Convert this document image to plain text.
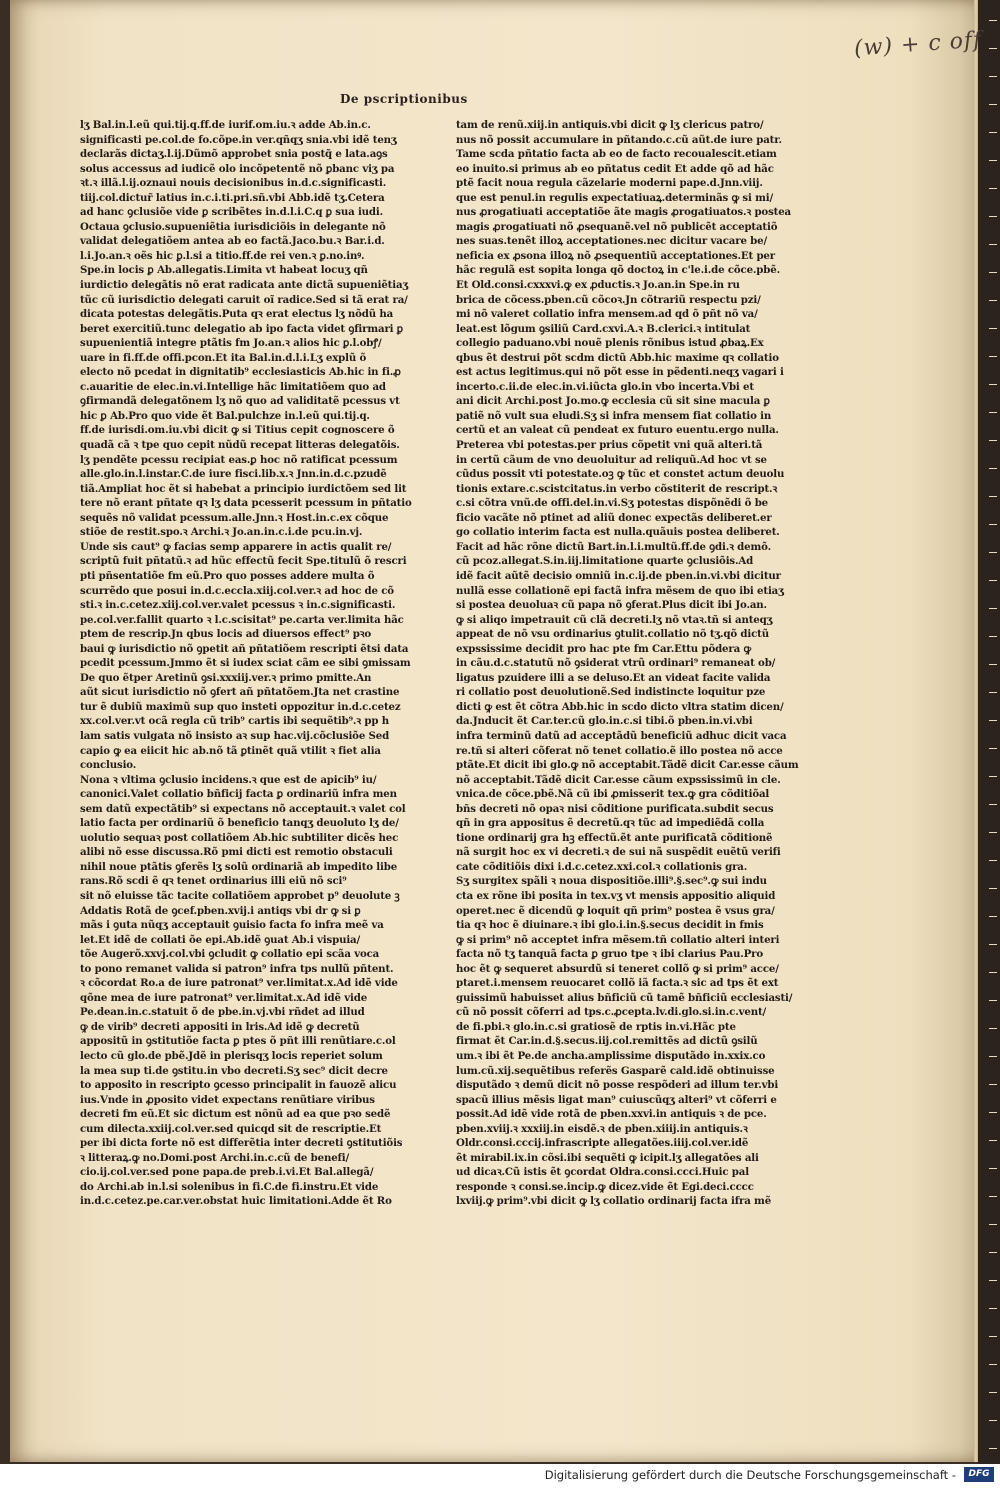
(w) + c off
De pscriptionibus
lʒ Bal.in.l.eũ qui.tij.q.ff.de iurif.om.iu.ꝛ adde Ab.in.c.
significasti pe.col.de fo.cõpe.in ver.qñqʒ snia.vbi idẽ tenʒ
declarãs dictaʒ.l.ij.Dũmõ approbet snia postq̃ e lata.aꝯs
solus accessus ad iudicẽ olo incõpetentẽ nõ ꝑbanc viʒ pa
ꝛt.ꝛ illã.l.ij.oznaui nouis decisionibus in.d.c.significasti.
tiij.col.dictur̃ latius in.c.i.ti.pri.sñ.vbi Abb.idẽ tʒ.Cetera
ad hanc ꝯclusiõe vide ꝑ scribẽtes in.d.l.i.C.q ꝑ sua iudi.
Octaua ꝯclusio.supueniẽtia iurisdiciõis in delegante nõ
validat delegatiõem antea ab eo factã.Jaco.bu.ꝛ Bar.i.d.
l.i.Jo.an.ꝛ oẽs hic ꝑ.l.si a titio.ff.de rei ven.ꝛ ꝑ.no.inꝰ.
Spe.in locis ꝑ Ab.allegatis.Limita vt habeat locuʒ qñ
iurdictio delegãtis nõ erat radicata ante dictã supueniẽtiaʒ
tũc cũ iurisdictio delegati caruit oĩ radice.Sed si tã erat ra/
dicata potestas delegãtis.Puta qꝛ erat electus lʒ nõdũ ha
beret exercitiũ.tunc delegatio ab ipo facta videt ꝯfirmari ꝑ
supuenientiã integre ptãtis fm Jo.an.ꝛ alios hic ꝑ.l.obꝭ/
uare in fi.ff.de offi.pcon.Et ita Bal.in.d.l.i.Lʒ explũ õ
electo nõ pcedat in dignitatib⁹ ecclesiasticis Ab.hic in fi.ꝓ
c.auaritie de elec.in.vi.Intellige hãc limitatiõem quo ad
ꝯfirmandã delegatõnem lʒ nõ quo ad validitatẽ pcessus vt
hic ꝑ Ab.Pro quo vide ẽt Bal.pulchze in.l.eũ qui.tij.q.
ff.de iurisdi.om.iu.vbi dicit ꝙ si Titius cepit cognoscere õ
quadã cã ꝛ tpe quo cepit nũdũ recepat litteras delegatõis.
lʒ pendẽte pcessu recipiat eas.ꝑ hoc nõ ratificat pcessum
alle.glo.in.l.instar.C.de iure fisci.lib.x.ꝛ Jnn.in.d.c.pzudẽ
tiã.Ampliat hoc ẽt si habebat a principio iurdictõem sed lit
tere nõ erant pñtate qꝛ lʒ data pcesserit pcessum in pñtatio
sequẽs nõ validat pcessum.alle.Jnn.ꝛ Host.in.c.ex cõque
stiõe de restit.spo.ꝛ Archi.ꝛ Jo.an.in.c.i.de pcu.in.vj.
Unde sis caut⁹ ꝙ facias semp apparere in actis qualit re/
scriptũ fuit pñtatũ.ꝛ ad hũc effectũ fecit Spe.titulũ õ rescri
pti pñsentatiõe fm eũ.Pro quo posses addere multa õ
scurrẽdo que posui in.d.c.eccla.xiij.col.ver.ꝛ ad hoc de cõ
sti.ꝛ in.c.cetez.xiij.col.ver.valet pcessus ꝛ in.c.significasti.
pe.col.ver.fallit quarto ꝛ l.c.scisitat⁹ pe.carta ver.limita hãc
ptem de rescrip.Jn qbus locis ad diuersos effect⁹ pꝛo
baui ꝙ iurisdictio nõ ꝯpetit añ pñtatiõem rescripti ẽtsi data
pcedit pcessum.Jmmo ẽt si iudex sciat cãm ee sibi ꝯmissam
De quo ẽtper Aretinũ ꝯsi.xxxiij.ver.ꝛ primo pmitte.An
aũt sicut iurisdictio nõ ꝯfert añ pñtatõem.Jta net crastine
tur ẽ dubiũ maximũ sup quo insteti oppozitur in.d.c.cetez
xx.col.ver.vt ocã regla cũ trib⁹ cartis ibi sequẽtib⁹.ꝛ pp h
lam satis vulgata nõ insisto aꝛ sup hac.vij.cõclusiõe Sed
capio ꝙ ea eiicit hic ab.nõ tã ꝑtinẽt quã vtilit ꝛ fiet alia
conclusio.
Nona ꝛ vltima ꝯclusio incidens.ꝛ que est de apicib⁹ iu/
canonici.Valet collatio bñficij facta ꝑ ordinariũ infra men
sem datũ expectãtib⁹ si expectans nõ acceptauit.ꝛ valet col
latio facta per ordinariũ õ beneficio tanqʒ deuoluto lʒ de/
uolutio sequaꝛ post collatiõem Ab.hic subtiliter dicẽs hec
alibi nõ esse discussa.Rõ pmi dicti est remotio obstaculi
nihil noue ptãtis ꝯferẽs lʒ solũ ordinariã ab impedito libe
rans.Rõ scdi ẽ qꝛ tenet ordinarius illi eiũ nõ sci⁹
sit nõ eluisse tãc tacite collatiõem approbet p⁹ deuolute ꝫ
Addatis Rotã de ꝯcef.pben.xvij.i antiqs vbi dr ꝙ si ꝑ
mãs i ꝯuta nũqʒ acceptauit ꝯuisio facta fo infra meẽ va
let.Et idẽ de collati õe epi.Ab.idẽ ꝯuat Ab.i vispuia/
tõe Augerõ.xxvj.col.vbi ꝯcludit ꝙ collatio epi scãa voca
to pono remanet valida si patron⁹ infra tps nullũ pñtent.
ꝛ cõcordat Ro.a de iure patronat⁹ ver.limitat.x.Ad idẽ vide
qõne mea de iure patronat⁹ ver.limitat.x.Ad idẽ vide
Pe.dean.in.c.statuit õ de pbe.in.vj.vbi rñdet ad illud
ꝙ de virib⁹ decreti appositi in lris.Ad idẽ ꝙ decretũ
appositũ in ꝯstitutiõe facta ꝑ ptes õ pñt illi renũtiare.c.ol
lecto cũ glo.de pbẽ.Jdẽ in plerisqʒ locis reperiet solum
la mea sup ti.de ꝯstitu.in vbo decreti.Sʒ sec⁹ dicit decre
to apposito in rescripto ꝯcesso principalit in fauozẽ alicu
ius.Vnde in ꝓposito videt expectans renũtiare viribus
decreti fm eũ.Et sic dictum est nõnũ ad ea que pꝛo sedẽ
cum dilecta.xxiij.col.ver.sed quicqd sit de rescriptie.Et
per ibi dicta forte nõ est differẽtia inter decreti ꝯstitutiõis
ꝛ litteraꝝ.ꝙ no.Domi.post Archi.in.c.cũ de benefi/
cio.ij.col.ver.sed pone papa.de preb.i.vi.Et Bal.allegã/
do Archi.ab in.l.si solenibus in fi.C.de fi.instru.Et vide
in.d.c.cetez.pe.car.ver.obstat huic limitationi.Adde ẽt Ro
tam de renũ.xiij.in antiquis.vbi dicit ꝙ lʒ clericus patro/
nus nõ possit accumulare in pñtando.c.cũ aũt.de iure patr.
Tame scda pñtatio facta ab eo de facto recoualescit.etiam
eo inuito.si primus ab eo pñtatus cedit Et adde qõ ad hãc
ptẽ facit noua regula cãzelarie moderni pape.d.Jnn.viij.
que est penul.in regulis expectatiuaꝝ.determinãs ꝙ si mi/
nus ꝓrogatiuati acceptatiõe ãte magis ꝓrogatiuatos.ꝛ postea
magis ꝓrogatiuati nõ ꝓsequanẽ.vel nõ publicẽt acceptatiõ
nes suas.tenẽt illoꝝ acceptationes.nec dicitur vacare be/
neficia ex ꝓsona illoꝝ nõ ꝓsequentiũ acceptationes.Et per
hãc regulã est sopita longa qõ doctoꝝ in c'le.i.de cõce.pbẽ.
Et Old.consi.cxxxvi.ꝙ ex ꝓductis.ꝛ Jo.an.in Spe.in ru
brica de cõcess.pben.cũ cõcoꝛ.Jn cõtrariũ respectu pzi/
mi nõ valeret collatio infra mensem.ad qd õ pñt nõ va/
leat.est lõgum ꝯsiliũ Card.cxvi.A.ꝛ B.clerici.ꝛ intitulat
collegio paduano.vbi nouẽ plenis rõnibus istud ꝓbaꝝ.Ex
qbus ẽt destrui põt scdm dictũ Abb.hic maxime qꝛ collatio
est actus legitimus.qui nõ põt esse in pẽdenti.neqʒ vagari i
incerto.c.ii.de elec.in.vi.iũcta glo.in vbo incerta.Vbi et
ani dicit Archi.post Jo.mo.ꝙ ecclesia cũ sit sine macula ꝑ
patiẽ nõ vult sua eludi.Sʒ si infra mensem fiat collatio in
certũ et an valeat cũ pendeat ex futuro euentu.ergo nulla.
Preterea vbi potestas.per prius cõpetit vni quã alteri.tã
in certũ cãum de vno deuoluitur ad reliquũ.Ad hoc vt se
cũdus possit vti potestate.oꝫ ꝙ tũc et constet actum deuolu
tionis extare.c.scistcitatus.in verbo cõstiterit de rescript.ꝛ
c.si cõtra vnũ.de offi.del.in.vi.Sʒ potestas dispõnẽdi õ be
ficio vacãte nõ ptinet ad aliũ donec expectãs deliberet.er
go collatio interim facta est nulla.quãuis postea deliberet.
Facit ad hãc rõne dictũ Bart.in.l.i.multũ.ff.de ꝯdi.ꝛ demõ.
cũ pcoz.allegat.S.in.iij.limitatione quarte ꝯclusiõis.Ad
idẽ facit aũtẽ decisio omniũ in.c.ij.de pben.in.vi.vbi dicitur
nullã esse collationẽ epi factã infra mẽsem de quo ibi etiaʒ
si postea deuoluaꝛ cũ papa nõ ꝯferat.Plus dicit ibi Jo.an.
ꝙ si aliqo impetrauit cũ clã decreti.lʒ nõ vtaꝛ.tñ si anteqʒ
appeat de nõ vsu ordinarius ꝯtulit.collatio nõ tʒ.qõ dictũ
expssissime decidit pro hac pte fm Car.Ettu põdera ꝙ
in cãu.d.c.statutũ nõ ꝯsiderat vtrũ ordinari⁹ remaneat ob/
ligatus pzuidere illi a se deluso.Et an videat facite valida
ri collatio post deuolutionẽ.Sed indistincte loquitur pze
dicti ꝙ est ẽt cõtra Abb.hic in scdo dicto vltra statim dicen/
da.Jnducit ẽt Car.ter.cũ glo.in.c.si tibi.õ pben.in.vi.vbi
infra terminũ datũ ad acceptãdũ beneficiũ adhuc dicit vaca
re.tñ si alteri cõferat nõ tenet collatio.ẽ illo postea nõ acce
ptãte.Et dicit ibi glo.ꝙ nõ acceptabit.Tãdẽ dicit Car.esse cãum
nõ acceptabit.Tãdẽ dicit Car.esse cãum expssissimũ in cle.
vnica.de cõce.pbẽ.Nã cũ ibi ꝓmisserit tex.ꝙ gra cõditiõal
bñs decreti nõ opaꝛ nisi cõditione purificata.subdit secus
qñ in gra appositus ẽ decretũ.qꝛ tũc ad impediẽdã colla
tione ordinarij gra hꝫ effectũ.ẽt ante purificatã cõditionẽ
nã surgit hoc ex vi decreti.ꝛ de sui nã suspẽdit euẽtũ verifi
cate cõditiõis dixi i.d.c.cetez.xxi.col.ꝛ collationis gra.
Sʒ surgitex spãli ꝛ noua dispositiõe.illi⁹.§.sec⁹.ꝙ sui indu
cta ex rõne ibi posita in tex.vʒ vt mensis appositio aliquid
operet.nec ẽ dicendũ ꝙ loquit qñ prim⁹ postea ẽ vsus gra/
tia qꝛ hoc ẽ diuinare.ꝛ ibi glo.i.in.§.secus decidit in fmis
ꝙ si prim⁹ nõ acceptet infra mẽsem.tñ collatio alteri interi
facta nõ tʒ tanquã facta ꝑ gruo tpe ꝛ ibi clarius Pau.Pro
hoc ẽt ꝙ sequeret absurdũ si teneret collõ ꝙ si prim⁹ acce/
ptaret.i.mensem reuocaret collõ iã facta.ꝛ sic ad tps ẽt ext
guissimũ habuisset alius bñficiũ cũ tamẽ bñficiũ ecclesiasti/
cũ nõ possit cõferri ad tps.c.ꝓcepta.lv.di.glo.si.in.c.vent/
de fi.pbi.ꝛ glo.in.c.si gratiosẽ de rptis in.vi.Hãc pte
firmat ẽt Car.in.d.§.secus.iij.col.remittẽs ad dictũ ꝯsilũ
um.ꝛ ibi ẽt Pe.de ancha.amplissime disputãdo in.xxix.co
lum.cũ.xij.sequẽtibus referẽs Gasparẽ cald.idẽ obtinuisse
disputãdo ꝛ demũ dicit nõ posse respõderi ad illum ter.vbi
spacũ illius mẽsis ligat man⁹ cuiuscũqʒ alteri⁹ vt cõferri e
possit.Ad idẽ vide rotã de pben.xxvi.in antiquis ꝛ de pce.
pben.xviij.ꝛ xxxiij.in eisdẽ.ꝛ de pben.xiiij.in antiquis.ꝛ
Oldr.consi.cccij.infrascripte allegatões.iiij.col.ver.idẽ
ẽt mirabil.ix.in cõsi.ibi sequẽti ꝙ icipit.lʒ allegatões ali
ud dicaꝛ.Cũ istis ẽt ꝯcordat Oldra.consi.ccci.Huic pal
responde ꝛ consi.se.incip.ꝙ dicez.vide ẽt Egi.deci.cccc
lxviij.ꝙ prim⁹.vbi dicit ꝙ lʒ collatio ordinarij facta ifra mẽ
Digitalisierung gefördert durch die Deutsche Forschungsgemeinschaft -	DFG
